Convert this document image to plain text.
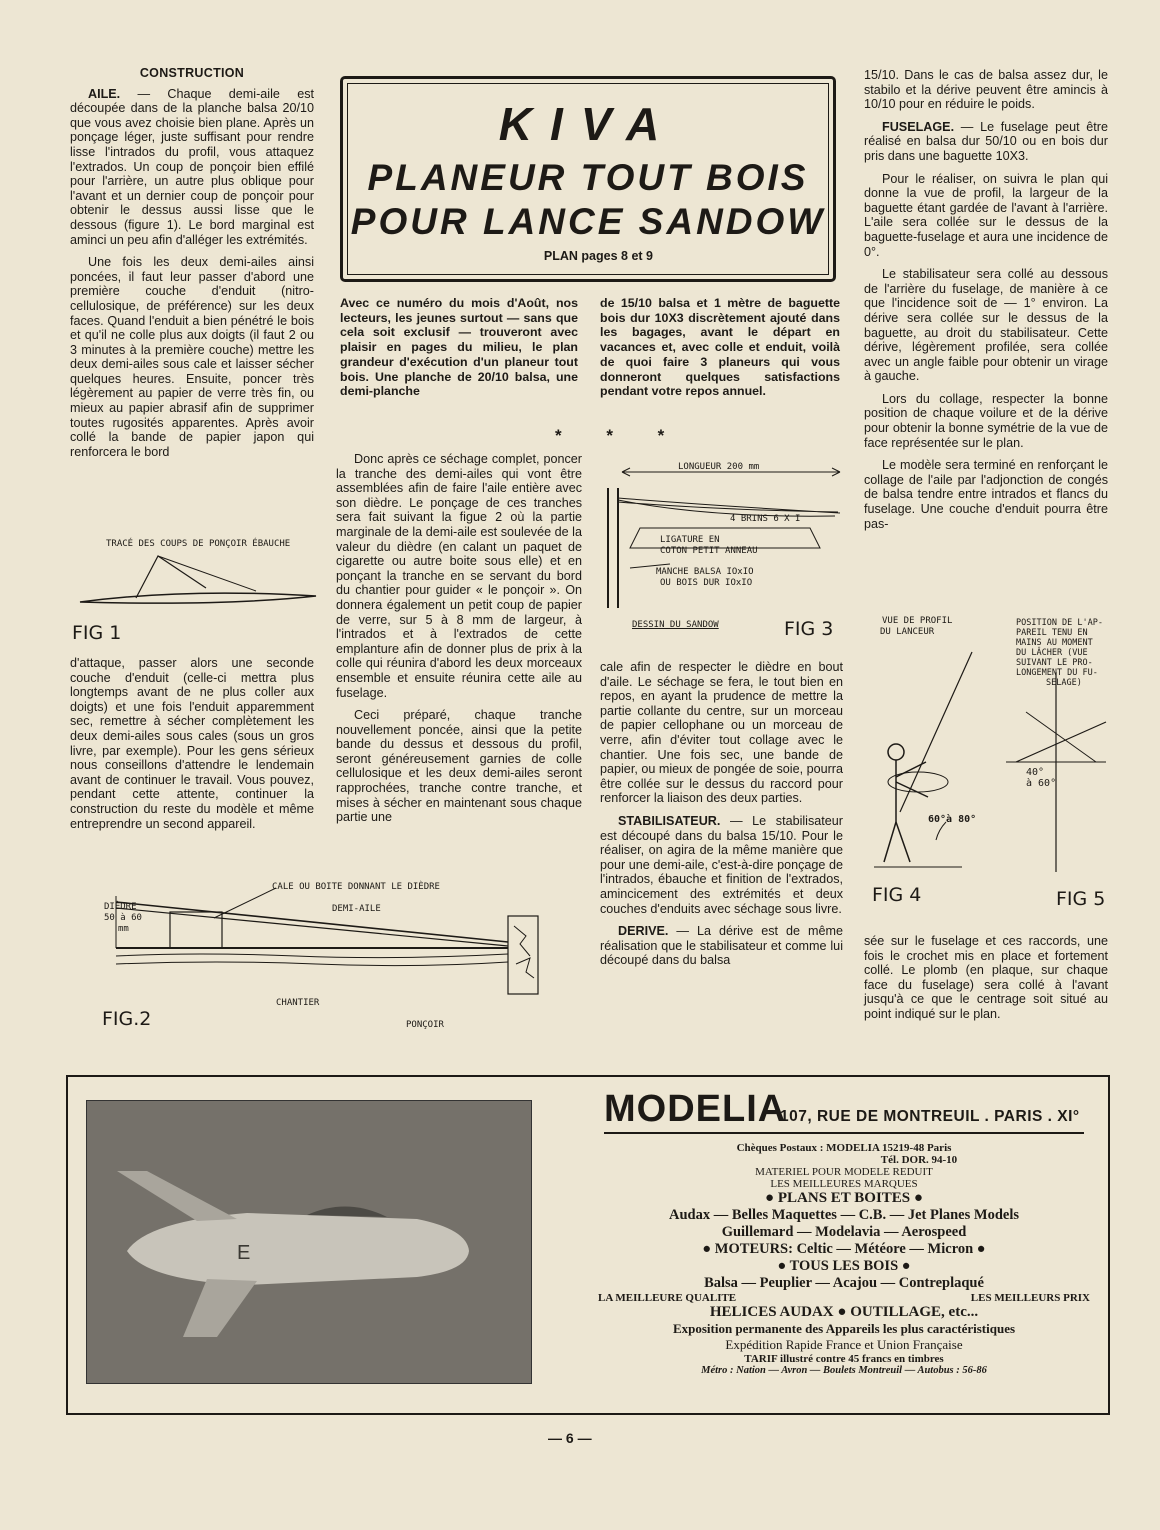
CONSTRUCTION

AILE. — Chaque demi-aile est découpée dans de la planche balsa 20/10 que vous avez choisie bien plane. Après un ponçage léger, juste suffisant pour rendre lisse l'intrados du profil, vous attaquez l'extrados. Un coup de ponçoir bien effilé pour l'arrière, un autre plus oblique pour l'avant et un dernier coup de ponçoir pour obtenir le dessus aussi lisse que le dessous (figure 1). Le bord marginal est aminci un peu afin d'alléger les extrémités.

Une fois les deux demi-ailes ainsi poncées, il faut leur passer d'abord une première couche d'enduit (nitro-cellulosique, de préférence) sur les deux faces. Quand l'enduit a bien pénétré le bois et qu'il ne colle plus aux doigts (il faut 2 ou 3 minutes à la première couche) mettre les deux demi-ailes sous cale et laisser sécher quelques heures. Ensuite, poncer très légèrement au papier de verre très fin, ou mieux au papier abrasif afin de supprimer toutes rugosités apparentes. Après avoir collé la bande de papier japon qui renforcera le bord

TRACÉ DES COUPS DE PONÇOIR ÉBAUCHE
FIG 1

d'attaque, passer alors une seconde couche d'enduit (celle-ci mettra plus longtemps avant de ne plus coller aux doigts) et une fois l'enduit apparemment sec, remettre à sécher complètement les deux demi-ailes sous cales (sous un gros livre, par exemple). Pour les gens sérieux nous conseillons d'attendre le lendemain avant de continuer le travail. Vous pouvez, pendant cette attente, continuer la construction du reste du modèle et même entreprendre un second appareil.

KIVA
PLANEUR TOUT BOIS
POUR LANCE SANDOW
PLAN pages 8 et 9
Avec ce numéro du mois d'Août, nos lecteurs, les jeunes surtout — sans que cela soit exclusif — trouveront avec plaisir en pages du milieu, le plan grandeur d'exécution d'un planeur tout bois. Une planche de 20/10 balsa, une demi-planche
de 15/10 balsa et 1 mètre de baguette bois dur 10X3 discrètement ajouté dans les bagages, avant le départ en vacances et, avec colle et enduit, voilà de quoi faire 3 planeurs qui vous donneront quelques satisfactions pendant votre repos annuel.
* * *

Donc après ce séchage complet, poncer la tranche des demi-ailes qui vont être assemblées afin de faire l'aile entière avec son dièdre. Le ponçage de ces tranches sera fait suivant la figue 2 où la partie marginale de la demi-aile est soulevée de la valeur du dièdre (en calant un paquet de cigarette ou autre boite sous elle) et en ponçant la tranche en se servant du bord du chantier pour guider « le ponçoir ». On donnera également un petit coup de papier de verre, sur 5 à 8 mm de largeur, à l'intrados et à l'extrados de cette emplanture afin de donner plus de prix à la colle qui réunira d'abord les deux morceaux ensemble et ensuite réunira cette aile au fuselage.

Ceci préparé, chaque tranche nouvellement poncée, ainsi que la petite bande du dessus et dessous du profil, seront généreusement garnies de colle cellulosique et les deux demi-ailes seront rapprochées, tranche contre tranche, et mises à sécher en maintenant sous chaque partie une

LONGUEUR 200 mm
4 BRINS 6 X I
LIGATURE EN
COTON PETIT ANNEAU
MANCHE BALSA IOxIO
OU BOIS DUR IOxIO
DESSIN DU SANDOW	FIG 3

cale afin de respecter le dièdre en bout d'aile. Le séchage se fera, le tout bien en repos, en ayant la prudence de mettre la partie collante du centre, sur un morceau de papier cellophane ou un morceau de verre, afin d'éviter tout collage avec le chantier. Une fois sec, une bande de papier, ou mieux de pongée de soie, pourra être collée sur le dessus du raccord pour renforcer la liaison des deux parties.

STABILISATEUR. — Le stabilisateur est découpé dans du balsa 15/10. Pour le réaliser, on agira de la même manière que pour une demi-aile, c'est-à-dire ponçage de l'intrados, ébauche et finition de l'extrados, amincicement des extrémités et deux couches d'enduits avec séchage sous livre.

DERIVE. — La dérive est de même réalisation que le stabilisateur et comme lui découpé dans du balsa

15/10. Dans le cas de balsa assez dur, le stabilo et la dérive peuvent être amincis à 10/10 pour en réduire le poids.

FUSELAGE. — Le fuselage peut être réalisé en balsa dur 50/10 ou en bois dur pris dans une baguette 10X3.

Pour le réaliser, on suivra le plan qui donne la vue de profil, la largeur de la baguette étant gardée de l'avant à l'arrière. L'aile sera collée sur le dessus de la baguette-fuselage et aura une incidence de 0°.

Le stabilisateur sera collé au dessous de l'arrière du fuselage, de manière à ce que l'incidence soit de — 1° environ. La dérive sera collée sur le dessus de la baguette, au droit du stabilisateur. Cette dérive, légèrement profilée, sera collée avec un angle faible pour obtenir un virage à gauche.

Lors du collage, respecter la bonne position de chaque voilure et de la dérive pour obtenir la bonne symétrie de la vue de face représentée sur le plan.

Le modèle sera terminé en renforçant le collage de l'aile par l'adjonction de congés de balsa tendre entre intrados et flancs du fuselage. Une couche d'enduit pourra être pas-

VUE DE PROFIL
DU LANCEUR
60°à 80°
FIG 4
POSITION DE L'AP-
PAREIL TENU EN
MAINS AU MOMENT
DU LÂCHER (VUE
SUIVANT LE PRO-
LONGEMENT DU FU-
SELAGE)
40°
à 60°
FIG 5

sée sur le fuselage et ces raccords, une fois le crochet mis en place et fortement collé. Le plomb (en plaque, sur chaque face du fuselage) sera collé à l'avant jusqu'à ce que le centrage soit situé au point indiqué sur le plan.

CALE OU BOITE DONNANT LE DIÈDRE
DIÈDRE
50 à 60
mm
DEMI-AILE
CHANTIER
FIG.2	PONÇOIR
E
MODELIA
107, RUE DE MONTREUIL . PARIS . XI°
Chèques Postaux : MODELIA 15219-48 Paris
Tél. DOR. 94-10
MATERIEL POUR MODELE REDUIT
LES MEILLEURES MARQUES
● PLANS ET BOITES ●
Audax — Belles Maquettes — C.B. — Jet Planes Models
Guillemard — Modelavia — Aerospeed
● MOTEURS: Celtic — Météore — Micron ●
● TOUS LES BOIS ●
Balsa — Peuplier — Acajou — Contreplaqué
LA MEILLEURE QUALITE	LES MEILLEURS PRIX
HELICES AUDAX ● OUTILLAGE, etc...
Exposition permanente des Appareils les plus caractéristiques
Expédition Rapide France et Union Française
TARIF illustré contre 45 francs en timbres
Métro : Nation — Avron — Boulets Montreuil — Autobus : 56-86
— 6 —
